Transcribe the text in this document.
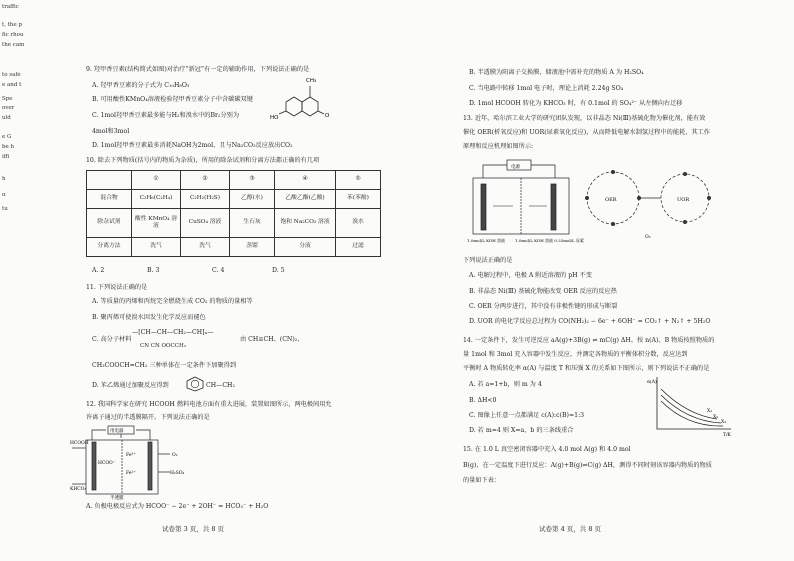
traffic
t, the p
fic rhou
the cam
to safe
e and t
Spe
over
uld
e G
be h
iffi
h
α
tu
9. 羟甲香豆素(结构简式如图)对治疗“新冠”有一定的辅助作用，下列说法正确的是
A. 羟甲香豆素的分子式为 C₁₀H₈O₃
B. 可用酸性KMnO₄溶液检验羟甲香豆素分子中含碳碳双键
C. 1mol羟甲香豆素最多能与H₂和溴水中的Br₂分别为
4mol和3mol
D. 1mol羟甲香豆素最多消耗NaOH为2mol，且与Na₂CO₃反应放出CO₂
CH₃
HO	O
10. 除去下列物质(括号内的物质为杂质)，所用的除杂试剂和分离方法都正确的有几项
	①	②	③	④	⑤
混合物	C₂H₆(C₂H₄)	C₂H₂(H₂S)	乙醇(水)	乙酸乙酯(乙酸)	苯(苯酚)
除杂试剂	酸性 KMnO₄ 溶液	CuSO₄ 溶液	生石灰	饱和 Na₂CO₃ 溶液	溴水
分离方法	洗气	洗气	蒸馏	分液	过滤
A. 2	B. 3	C. 4	D. 5
11. 下列说法正确的是
A. 等质量的丙烯和丙烷完全燃烧生成 CO₂ 的物质的量相等
B. 聚丙烯可使溴水因发生化学反应而褪色
C. 高分子材料
—[CH—CH—CH₂—CH]ₙ—
CN CN OOCCH₃
由 CH≡CH、(CN)₂、
CH₃COOCH=CH₂ 三种单体在一定条件下加聚得到
D. 苯乙烯通过加聚反应得到	CH—CH₂
12. 我国科学家在研究 HCOOH 燃料电池方面有重大进展，装置如图所示，两电极间用允
许离子通过的半透膜隔开。下列说法正确的是
用电器
HCOOH
HCOO⁻
Fe³⁺
Fe²⁺
O₂
H₂SO₄
KHCO₃
半透膜
A. 负极电极反应式为 HCOO⁻ − 2e⁻ + 2OH⁻ = HCO₃⁻ + H₂O
试卷第 3 页，共 8 页
B. 半透膜为阳离子交换膜，储液池中需补充的物质 A 为 H₂SO₄
C. 当电路中转移 1mol 电子时，理论上消耗 2.24g SO₄
D. 1mol HCOOH 转化为 KHCO₃ 时，有 0.1mol 的 SO₄²⁻ 从左侧向右迁移
13. 近年，哈尔滨工业大学的研究团队发现，以非晶态 Ni(Ⅲ)基硫化物为催化剂，能有效
催化 OER(析氧反应)和 UOR(尿素氧化反应)，从而降低电解水制氢过程中的能耗，其工作
原理和反应机理如图所示:
电源
1.0mol/L KOH 溶液 1.0mol/L KOH 溶液 0.33mol/L 尿素
OER	UOR
O₂
下列说法正确的是
A. 电解过程中，电极 A 附近溶液的 pH 不变
B. 非晶态 Ni(Ⅲ) 基硫化物能改变 OER 反应的反应热
C. OER 分两步进行，其中没有非极性键的形成与断裂
D. UOR 的电化学反应总过程为 CO(NH₂)₂ − 6e⁻ + 6OH⁻ = CO₂↑ + N₂↑ + 5H₂O
14. 一定条件下，发生可逆反应 aA(g)+3B(g) ⇌ mC(g) ΔH。按 n(A)、B 物质按照物质的
量 1mol 和 3mol 充入容器中发生反应，并测定各物质的平衡体积分数，反应达到
平衡时 A 物质转化率 α(A) 与温度 T 和压强 X 的关系如下图所示，则下列说法不正确的是
A. 若 a=1+b，则 m 为 4
B. ΔH<0
C. 图像上任意一点都满足 c(A):c(B)=1:3
D. 若 m=4 则 X=a、b 的三条线重合
α(A)
X₁
X₂
X₃
T/K
15. 在 1.0 L 真空密闭容器中充入 4.0 mol A(g) 和 4.0 mol
B(g)，在一定温度下进行反应：A(g)+B(g)⇌C(g) ΔH，测得不同时刻该容器内物质的物质
的量如下表：
试卷第 4 页，共 8 页
